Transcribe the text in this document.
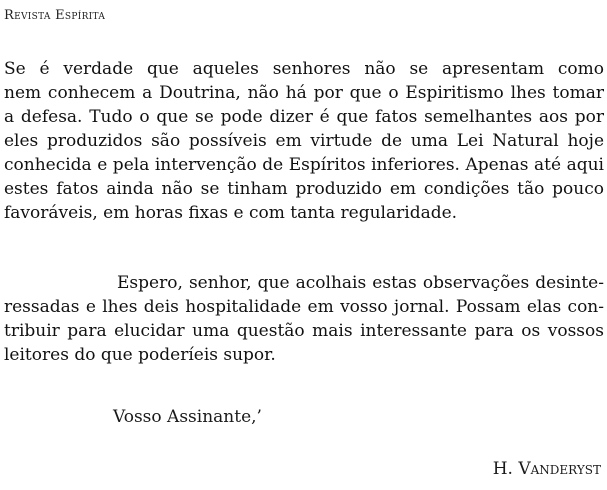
Revista Espírita
Se é verdade que aqueles senhores não se apresentam como
nem conhecem a Doutrina, não há por que o Espiritismo lhes tomar
a defesa. Tudo o que se pode dizer é que fatos semelhantes aos por
eles produzidos são possíveis em virtude de uma Lei Natural hoje
conhecida e pela intervenção de Espíritos inferiores. Apenas até aqui
estes fatos ainda não se tinham produzido em condições tão pouco
favoráveis, em horas fixas e com tanta regularidade.
Espero, senhor, que acolhais estas observações desinte-
ressadas e lhes deis hospitalidade em vosso jornal. Possam elas con-
tribuir para elucidar uma questão mais interessante para os vossos
leitores do que poderíeis supor.
Vosso Assinante,’
H. Vanderyst
